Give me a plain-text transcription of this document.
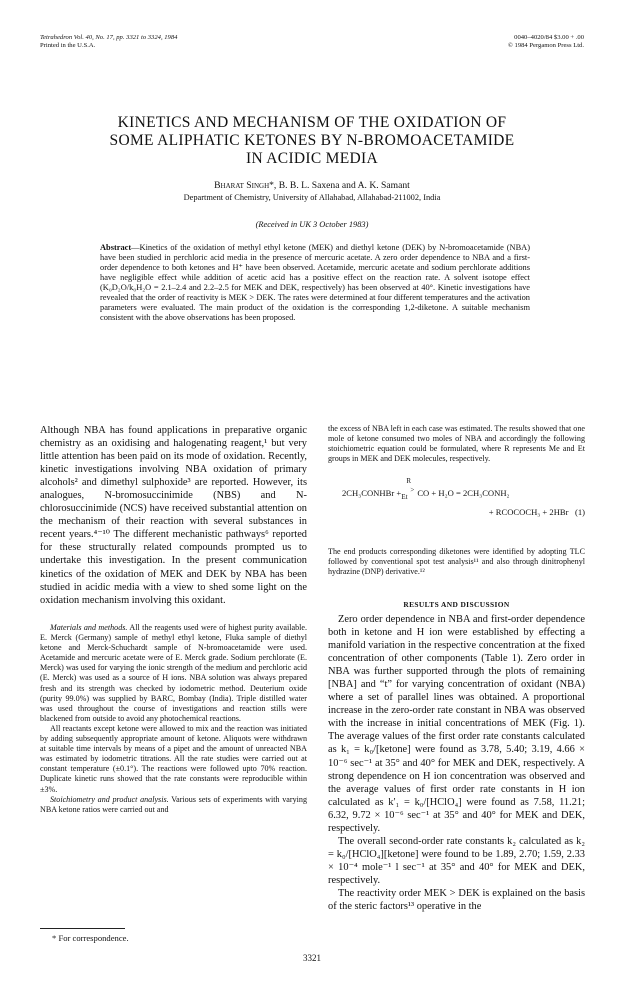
Tetrahedron Vol. 40, No. 17, pp. 3321 to 3324, 1984
Printed in the U.S.A.
0040–4020/84 $3.00 + .00
© 1984 Pergamon Press Ltd.
KINETICS AND MECHANISM OF THE OXIDATION OF
SOME ALIPHATIC KETONES BY N-BROMOACETAMIDE
IN ACIDIC MEDIA
Bharat Singh*, B. B. L. Saxena and A. K. Samant
Department of Chemistry, University of Allahabad, Allahabad-211002, India
(Received in UK 3 October 1983)

Abstract—Kinetics of the oxidation of methyl ethyl ketone (MEK) and diethyl ketone (DEK) by N-bromoacetamide (NBA) have been studied in perchloric acid media in the presence of mercuric acetate. A zero order dependence to NBA and a first-order dependence to both ketones and H⁺ have been observed. Acetamide, mercuric acetate and sodium perchlorate additions have negligible effect while addition of acetic acid has a positive effect on the reaction rate. A solvent isotope effect (K₀D₂O/k₀H₂O = 2.1–2.4 and 2.2–2.5 for MEK and DEK, respectively) has been observed at 40°. Kinetic investigations have revealed that the order of reactivity is MEK > DEK. The rates were determined at four different temperatures and the activation parameters were evaluated. The main product of the oxidation is the corresponding 1,2-diketone. A suitable mechanism consistent with the above observations has been proposed.

Although NBA has found applications in preparative organic chemistry as an oxidising and halogenating reagent,¹ but very little attention has been paid on its mode of oxidation. Recently, kinetic investigations involving NBA oxidation of primary alcohols² and dimethyl sulphoxide³ are reported. However, its analogues, N-bromosuccinimide (NBS) and N-chlorosuccinimide (NCS) have received substantial attention on the mechanism of their reaction with several substances in recent years.⁴⁻¹⁰ The different mechanistic pathways⁶ reported for these structurally related compounds prompted us to undertake this investigation. In the present communication kinetics of the oxidation of MEK and DEK by NBA has been studied in acidic media with a view to shed some light on the oxidation mechanism involving this oxidant.

Materials and methods. All the reagents used were of highest purity available. E. Merck (Germany) sample of methyl ethyl ketone, Fluka sample of diethyl ketone and Merck-Schuchardt sample of N-bromoacetamide were used. Acetamide and mercuric acetate were of E. Merck grade. Sodium perchlorate (E. Merck) was used for varying the ionic strength of the medium and perchloric acid (E. Merck) was used as a source of H ions. NBA solution was always prepared fresh and its strength was checked by iodometric method. Deuterium oxide (purity 99.0%) was supplied by BARC, Bombay (India). Triple distilled water was used throughout the course of investigations and reaction stills were blackened from outside to avoid any photochemical reactions.

All reactants except ketone were allowed to mix and the reaction was initiated by adding subsequently appropriate amount of ketone. Aliquots were withdrawn at suitable time intervals by means of a pipet and the amount of unreacted NBA was estimated by iodometric titrations. All the rate studies were carried out at constant temperature (±0.1°). The reactions were followed upto 70% reaction. Duplicate kinetic runs showed that the rate constants were reproducible within ±3%.

Stoichiometry and product analysis. Various sets of experiments with varying NBA ketone ratios were carried out and

* For correspondence.

the excess of NBA left in each case was estimated. The results showed that one mole of ketone consumed two moles of NBA and accordingly the following stoichiometric equation could be formulated, where R represents Me and Et groups in MEK and DEK molecules, respectively.

2CH₃CONHBr +
R
Et
> CO + H₂O = 2CH₃CONH₂
+ RCOCOCH₃ + 2HBr (1)

The end products corresponding diketones were identified by adopting TLC followed by conventional spot test analysis¹¹ and also through dinitrophenyl hydrazine (DNP) derivative.¹²

RESULTS AND DISCUSSION

Zero order dependence in NBA and first-order dependence both in ketone and H ion were established by effecting a manifold variation in the respective concentration at the fixed concentration of other components (Table 1). Zero order in NBA was further supported through the plots of remaining [NBA] and “t” for varying concentration of oxidant (NBA) where a set of parallel lines was obtained. A proportional increase in the zero-order rate constant in NBA was observed with the increase in initial concentrations of MEK (Fig. 1). The average values of the first order rate constants calculated as k₁ = k₀/[ketone] were found as 3.78, 5.40; 3.19, 4.66 × 10⁻⁶ sec⁻¹ at 35° and 40° for MEK and DEK, respectively. A strong dependence on H ion concentration was observed and the average values of first order rate constants in H ion calculated as k′₁ = k₀/[HClO₄] were found as 7.58, 11.21; 6.32, 9.72 × 10⁻⁶ sec⁻¹ at 35° and 40° for MEK and DEK, respectively.

The overall second-order rate constants k₂ calculated as k₂ = k₀/[HClO₄][ketone] were found to be 1.89, 2.70; 1.59, 2.33 × 10⁻⁴ mole⁻¹ l sec⁻¹ at 35° and 40° for MEK and DEK, respectively.

The reactivity order MEK > DEK is explained on the basis of the steric factors¹³ operative in the

3321
